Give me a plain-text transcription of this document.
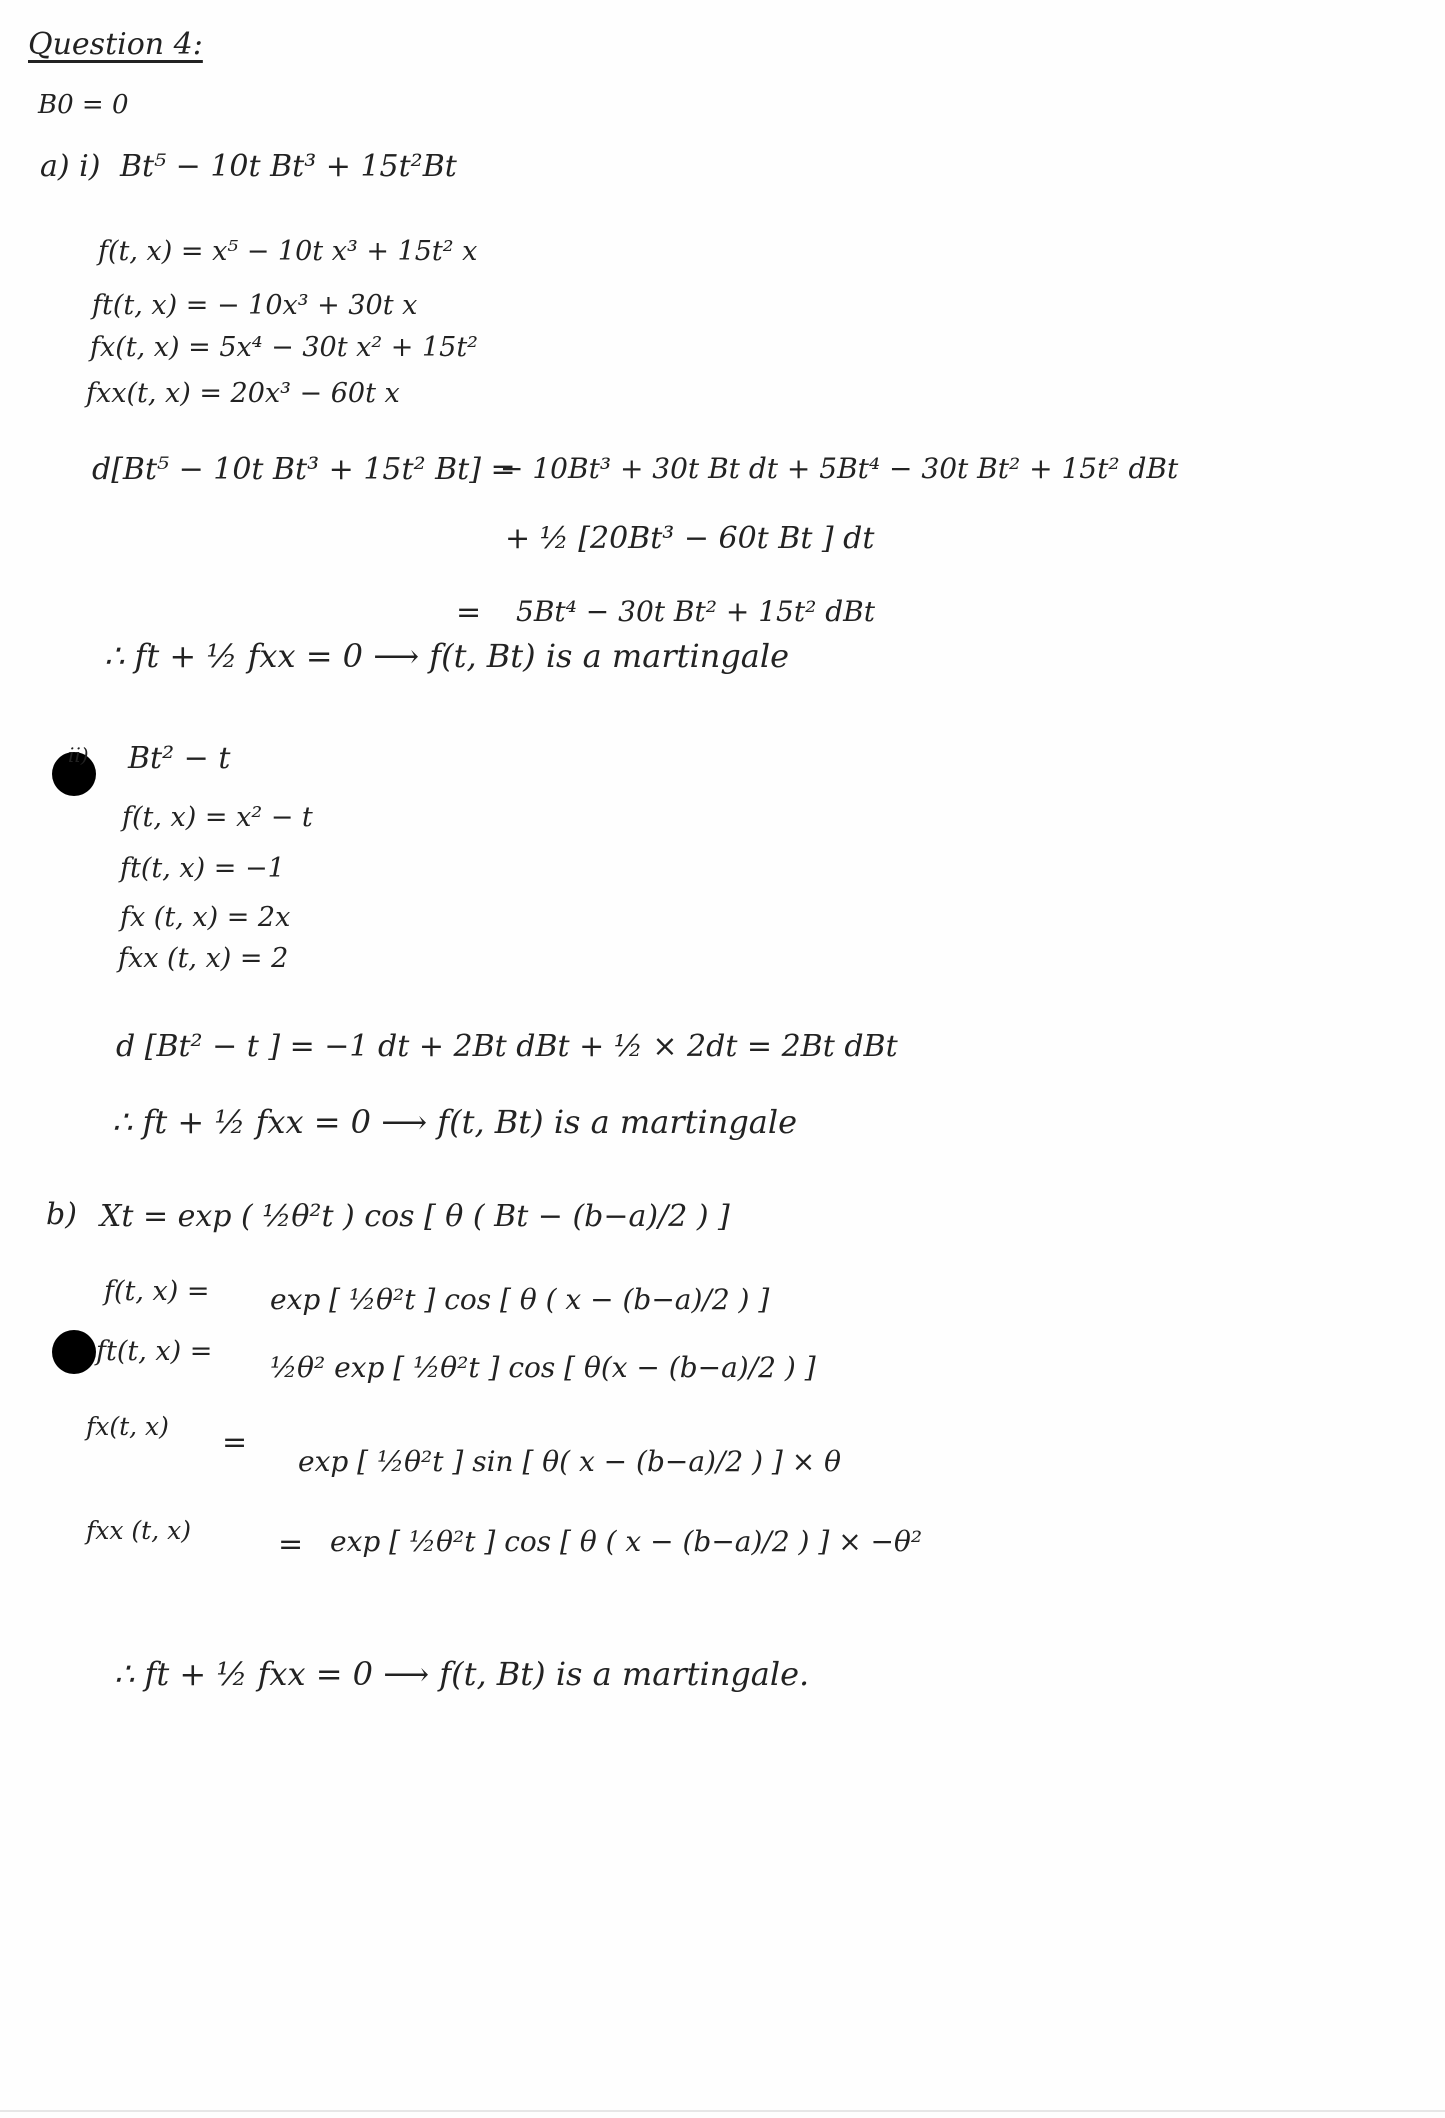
Question 4:
B0 = 0
a) i) Bt⁵ − 10t Bt³ + 15t²Bt
f(t, x) = x⁵ − 10t x³ + 15t² x
ft(t, x) = − 10x³ + 30t x
fx(t, x) = 5x⁴ − 30t x² + 15t²
fxx(t, x) = 20x³ − 60t x
d[Bt⁵ − 10t Bt³ + 15t² Bt] =
− 10Bt³ + 30t Bt dt + 5Bt⁴ − 30t Bt² + 15t² dBt
+ ½ [20Bt³ − 60t Bt ] dt
= 5Bt⁴ − 30t Bt² + 15t² dBt
∴ ft + ½ fxx = 0 ⟶ f(t, Bt) is a martingale
ii) Bt² − t
f(t, x) = x² − t
ft(t, x) = −1
fx (t, x) = 2x
fxx (t, x) = 2
d [Bt² − t ] = −1 dt + 2Bt dBt + ½ × 2dt = 2Bt dBt
∴ ft + ½ fxx = 0 ⟶ f(t, Bt) is a martingale
b) Xt = exp ( ½θ²t ) cos [ θ ( Bt − (b−a)/2 ) ]
f(t, x) = exp [ ½θ²t ] cos [ θ ( x − (b−a)/2 ) ]
ft(t, x) = ½θ² exp [ ½θ²t ] cos [ θ(x − (b−a)/2 ) ]
fx(t, x) =
exp [ ½θ²t ] sin [ θ( x − (b−a)/2 ) ] × θ
fxx (t, x)	= exp [ ½θ²t ] cos [ θ ( x − (b−a)/2 ) ] × −θ²
∴ ft + ½ fxx = 0 ⟶ f(t, Bt) is a martingale.
